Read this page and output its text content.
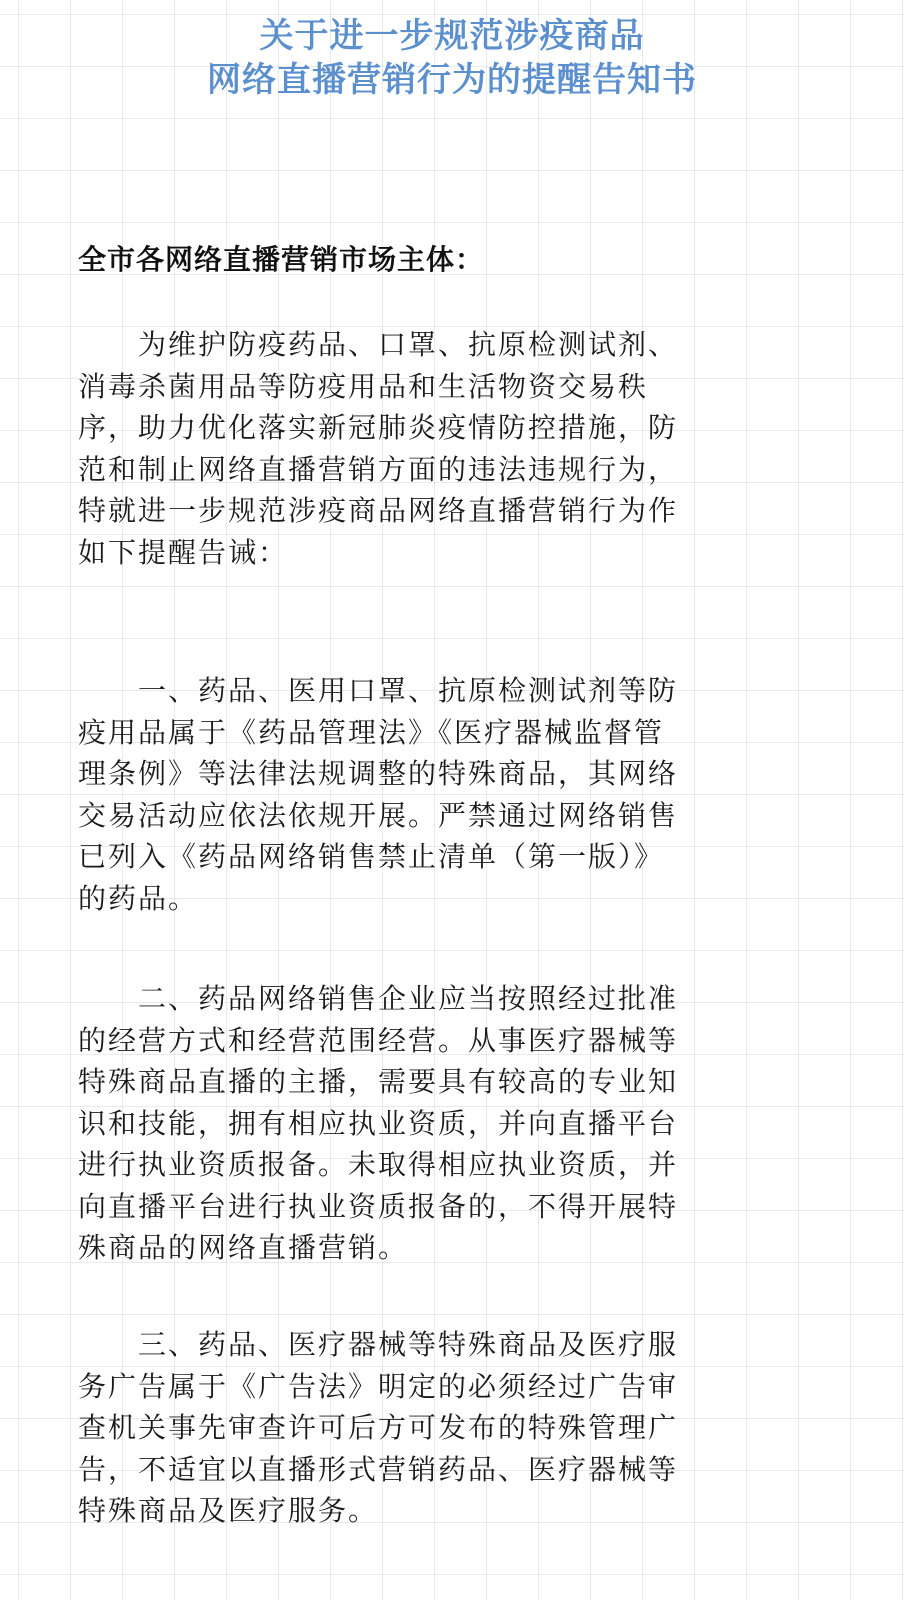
关于进一步规范涉疫商品
网络直播营销行为的提醒告知书
全市各网络直播营销市场主体：
　　为维护防疫药品、口罩、抗原检测试剂、
消毒杀菌用品等防疫用品和生活物资交易秩
序，助力优化落实新冠肺炎疫情防控措施，防
范和制止网络直播营销方面的违法违规行为，
特就进一步规范涉疫商品网络直播营销行为作
如下提醒告诫：
　　一、药品、医用口罩、抗原检测试剂等防
疫用品属于《药品管理法》《医疗器械监督管
理条例》等法律法规调整的特殊商品，其网络
交易活动应依法依规开展。严禁通过网络销售
已列入《药品网络销售禁止清单（第一版）》
的药品。
　　二、药品网络销售企业应当按照经过批准
的经营方式和经营范围经营。从事医疗器械等
特殊商品直播的主播，需要具有较高的专业知
识和技能，拥有相应执业资质，并向直播平台
进行执业资质报备。未取得相应执业资质，并
向直播平台进行执业资质报备的，不得开展特
殊商品的网络直播营销。
　　三、药品、医疗器械等特殊商品及医疗服
务广告属于《广告法》明定的必须经过广告审
查机关事先审查许可后方可发布的特殊管理广
告，不适宜以直播形式营销药品、医疗器械等
特殊商品及医疗服务。
